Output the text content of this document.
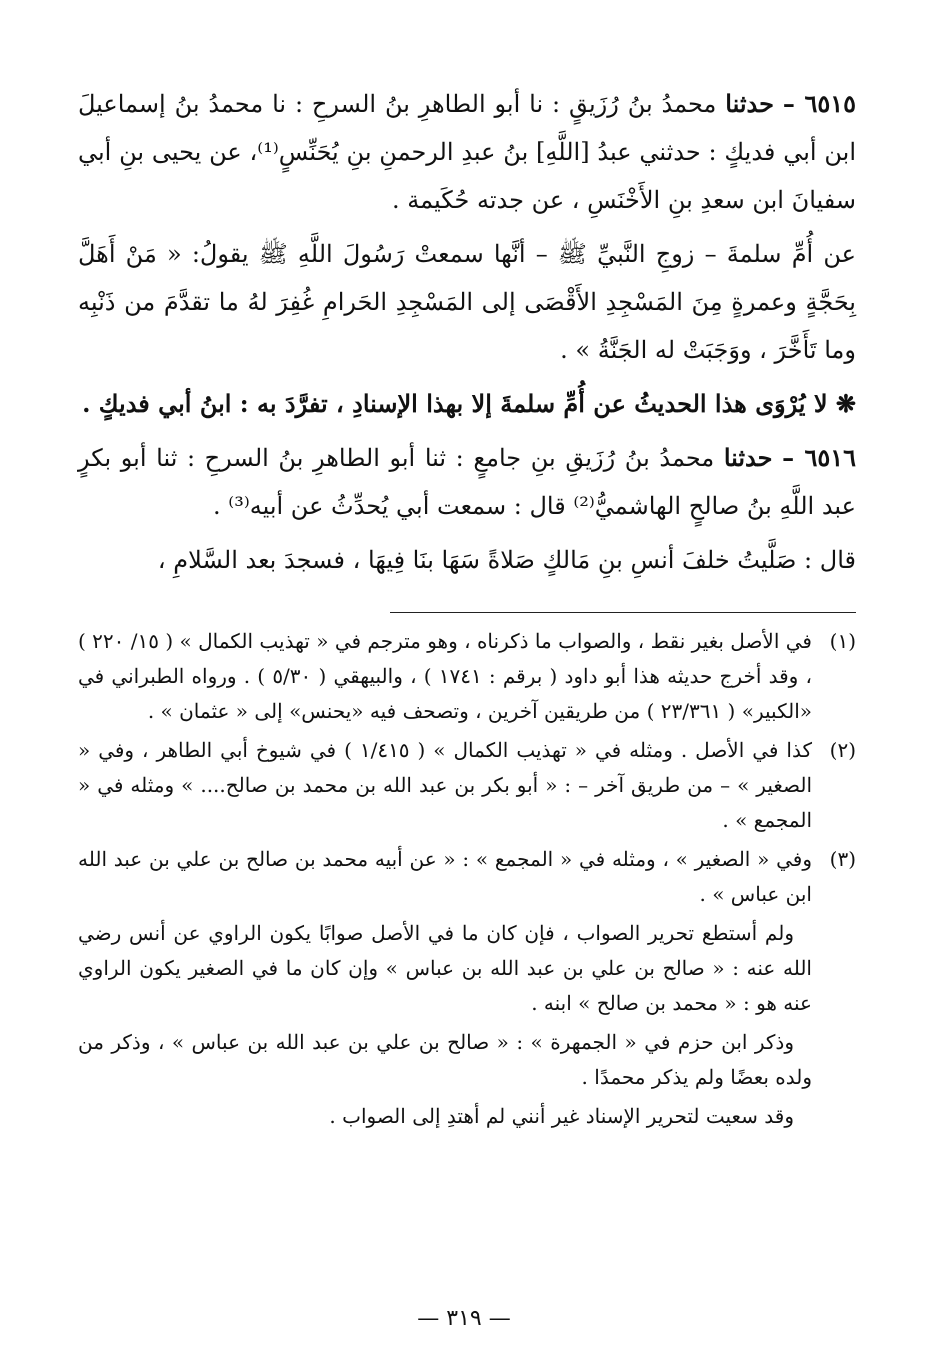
٦٥١٥ – حدثنا محمدُ بنُ رُزَيقٍ : نا أبو الطاهرِ بنُ السرحِ : نا محمدُ بنُ إسماعيلَ ابن أبي فديكٍ : حدثني عبدُ [اللَّهِ] بنُ عبدِ الرحمنِ بنِ يُحَنِّسٍ⁽¹⁾، عن يحيى بنِ أبي سفيانَ ابن سعدِ بنِ الأَخْنَسِ ، عن جدته حُكَيمة .

عن أُمِّ سلمةَ – زوجِ النَّبيِّ ﷺ – أنَّها سمعتْ رَسُولَ اللَّهِ ﷺ يقولُ: « مَنْ أَهَلَّ بِحَجَّةٍ وعمرةٍ مِنَ المَسْجِدِ الأَقْصَى إلى المَسْجِدِ الحَرامِ غُفِرَ لهُ ما تقدَّمَ من ذَنْبِه وما تَأَخَّرَ ، ووَجَبَتْ له الجَنَّةُ » .

❋ لا يُرْوَى هذا الحديثُ عن أُمِّ سلمةَ إلا بهذا الإسنادِ ، تفرَّدَ به : ابنُ أبي فديكٍ .

٦٥١٦ – حدثنا محمدُ بنُ رُزَيقِ بنِ جامعٍ : ثنا أبو الطاهرِ بنُ السرحِ : ثنا أبو بكرٍ عبد اللَّهِ بنُ صالحٍ الهاشميُّ⁽²⁾ قال : سمعت أبي يُحدِّثُ عن أبيه⁽³⁾ .

قال : صَلَّيتُ خلفَ أنسِ بنِ مَالكٍ صَلاةً سَهَا بنَا فِيهَا ، فسجدَ بعد السَّلامِ ،

(١)
في الأصل بغير نقط ، والصواب ما ذكرناه ، وهو مترجم في « تهذيب الكمال » ( ١٥/ ٢٢٠ ) ، وقد أخرج حديثه هذا أبو داود ( برقم : ١٧٤١ ) ، والبيهقي ( ٥/٣٠ ) . ورواه الطبراني في «الكبير» ( ٢٣/٣٦١ ) من طريقين آخرين ، وتصحف فيه «يحنس» إلى « عثمان » .
(٢)
كذا في الأصل . ومثله في « تهذيب الكمال » ( ١/٤١٥ ) في شيوخ أبي الطاهر ، وفي « الصغير » – من طريق آخر – : « أبو بكر بن عبد الله بن محمد بن صالح.... » ومثله في « المجمع » .
(٣)
وفي « الصغير » ، ومثله في « المجمع » : « عن أبيه محمد بن صالح بن علي بن عبد الله ابن عباس » .

ولم أستطع تحرير الصواب ، فإن كان ما في الأصل صوابًا يكون الراوي عن أنس رضي الله عنه : « صالح بن علي بن عبد الله بن عباس » وإن كان ما في الصغير يكون الراوي عنه هو : « محمد بن صالح » ابنه .

وذكر ابن حزم في « الجمهرة » : « صالح بن علي بن عبد الله بن عباس » ، وذكر من ولده بعضًا ولم يذكر محمدًا .

وقد سعيت لتحرير الإسناد غير أنني لم أهتدِ إلى الصواب .

— ٣١٩ —
